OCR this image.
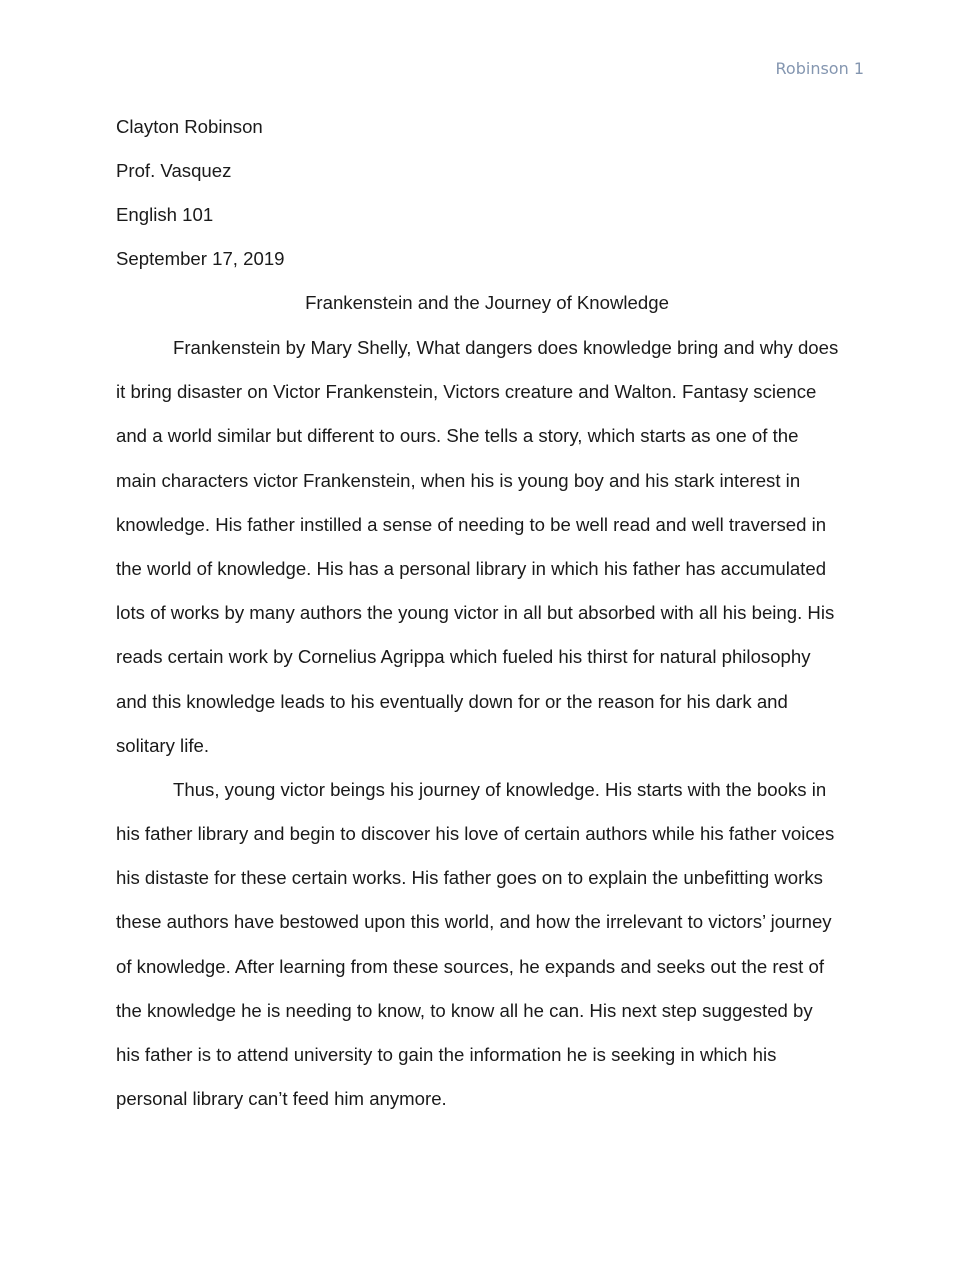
Robinson 1
Clayton Robinson
Prof. Vasquez
English 101
September 17, 2019
Frankenstein and the Journey of Knowledge

Frankenstein by Mary Shelly, What dangers does knowledge bring and why does
it bring disaster on Victor Frankenstein, Victors creature and Walton. Fantasy science
and a world similar but different to ours. She tells a story, which starts as one of the
main characters victor Frankenstein, when his is young boy and his stark interest in
knowledge. His father instilled a sense of needing to be well read and well traversed in
the world of knowledge. His has a personal library in which his father has accumulated
lots of works by many authors the young victor in all but absorbed with all his being. His
reads certain work by Cornelius Agrippa which fueled his thirst for natural philosophy
and this knowledge leads to his eventually down for or the reason for his dark and
solitary life.

Thus, young victor beings his journey of knowledge. His starts with the books in
his father library and begin to discover his love of certain authors while his father voices
his distaste for these certain works. His father goes on to explain the unbefitting works
these authors have bestowed upon this world, and how the irrelevant to victors’ journey
of knowledge. After learning from these sources, he expands and seeks out the rest of
the knowledge he is needing to know, to know all he can. His next step suggested by
his father is to attend university to gain the information he is seeking in which his
personal library can’t feed him anymore.
